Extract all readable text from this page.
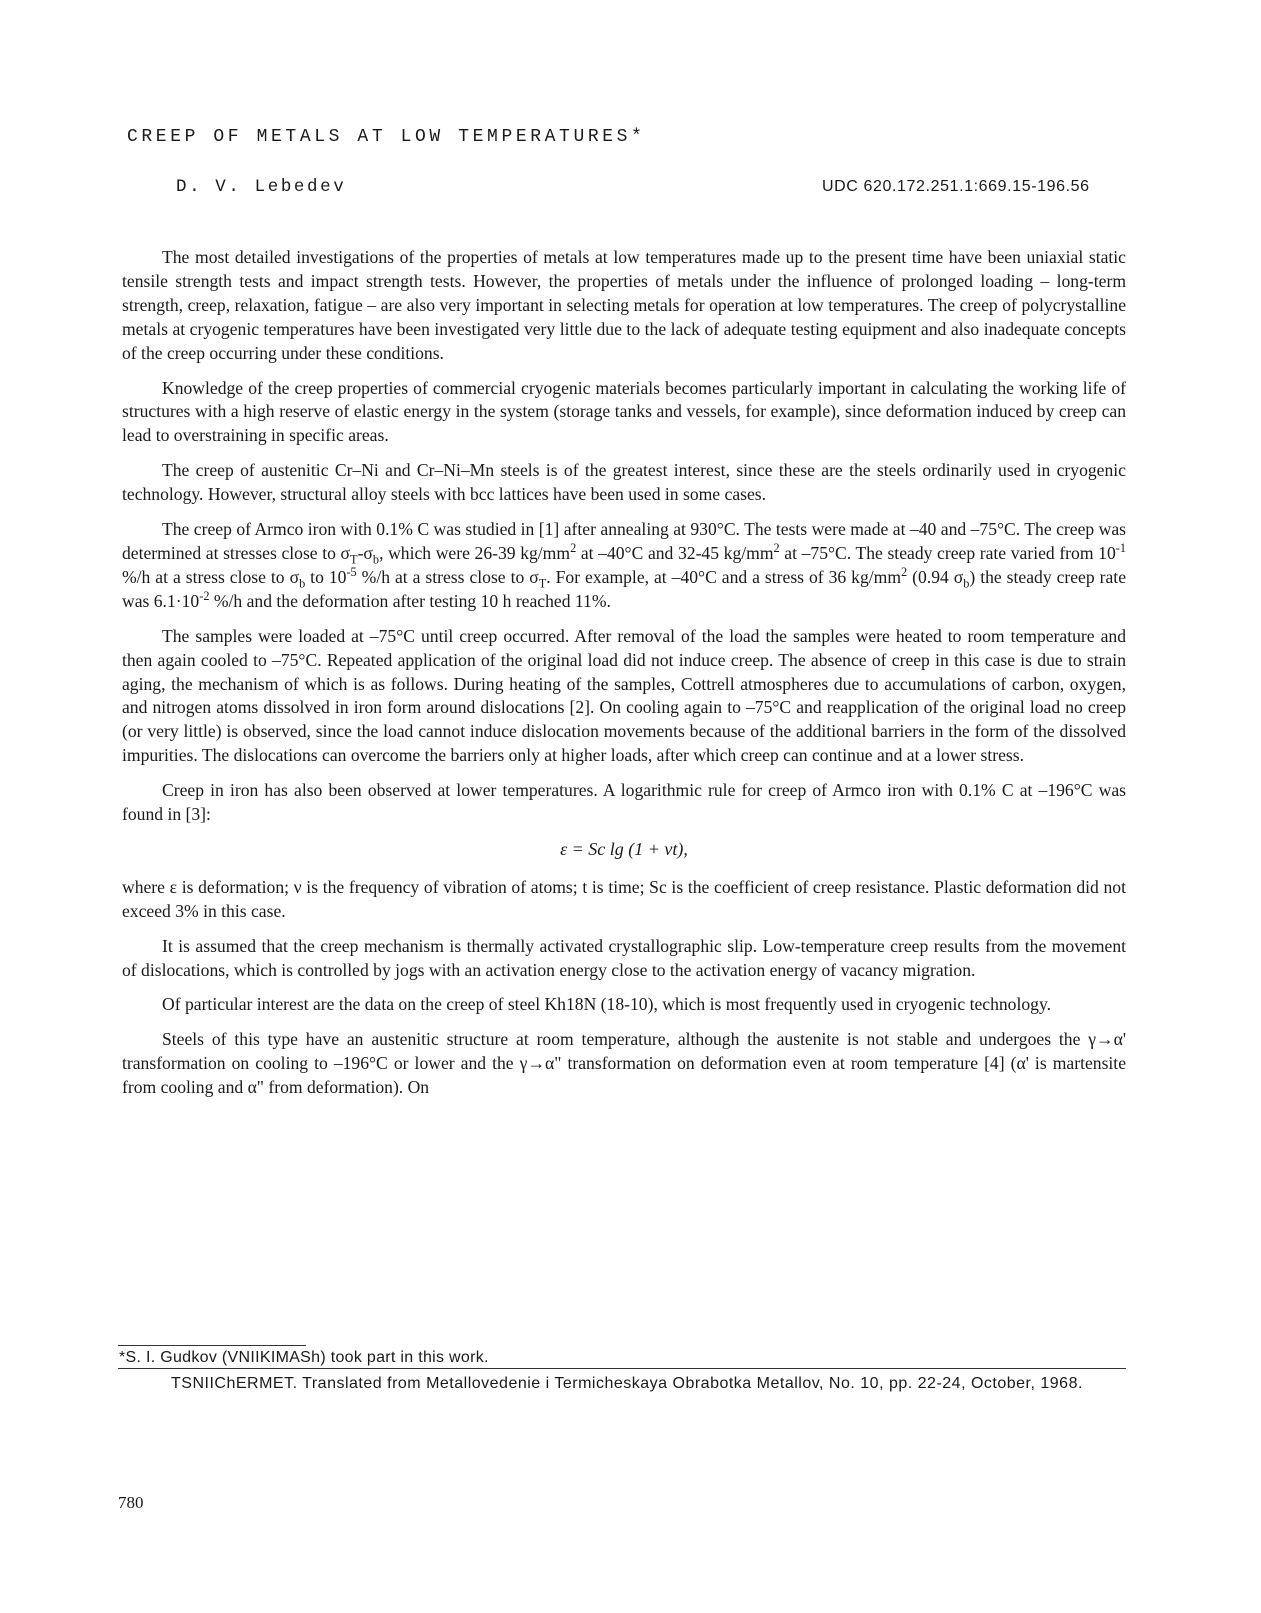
CREEP OF METALS AT LOW TEMPERATURES*
D. V. Lebedev	UDC 620.172.251.1:669.15-196.56

The most detailed investigations of the properties of metals at low temperatures made up to the present time have been uniaxial static tensile strength tests and impact strength tests. However, the properties of metals under the influence of prolonged loading – long-term strength, creep, relaxation, fatigue – are also very important in selecting metals for operation at low temperatures. The creep of polycrystalline metals at cryogenic temperatures have been investigated very little due to the lack of adequate testing equipment and also inadequate concepts of the creep occurring under these conditions.

Knowledge of the creep properties of commercial cryogenic materials becomes particularly important in calculating the working life of structures with a high reserve of elastic energy in the system (storage tanks and vessels, for example), since deformation induced by creep can lead to overstraining in specific areas.

The creep of austenitic Cr–Ni and Cr–Ni–Mn steels is of the greatest interest, since these are the steels ordinarily used in cryogenic technology. However, structural alloy steels with bcc lattices have been used in some cases.

The creep of Armco iron with 0.1% C was studied in [1] after annealing at 930°C. The tests were made at –40 and –75°C. The creep was determined at stresses close to $\sigma_T-\sigma_b$, which were 26-39 $kg/mm^2$ at –40°C and 32-45 $kg/mm^2$ at –75°C. The steady creep rate varied from $10^{-1}$ %/h at a stress close to $\sigma_b$ to $10^{-5}$ %/h at a stress close to $\sigma_T$. For example, at –40°C and a stress of 36 $kg/mm^2$ (0.94 $\sigma_b$) the steady creep rate was $6.1\cdot 10^{-2}$ %/h and the deformation after testing 10 h reached 11%.

The samples were loaded at –75°C until creep occurred. After removal of the load the samples were heated to room temperature and then again cooled to –75°C. Repeated application of the original load did not induce creep. The absence of creep in this case is due to strain aging, the mechanism of which is as follows. During heating of the samples, Cottrell atmospheres due to accumulations of carbon, oxygen, and nitrogen atoms dissolved in iron form around dislocations [2]. On cooling again to –75°C and reapplication of the original load no creep (or very little) is observed, since the load cannot induce dislocation movements because of the additional barriers in the form of the dissolved impurities. The dislocations can overcome the barriers only at higher loads, after which creep can continue and at a lower stress.

Creep in iron has also been observed at lower temperatures. A logarithmic rule for creep of Armco iron with 0.1% C at –196°C was found in [3]:

ε = Sc lg (1 + νt),

where ε is deformation; ν is the frequency of vibration of atoms; t is time; Sc is the coefficient of creep resistance. Plastic deformation did not exceed 3% in this case.

It is assumed that the creep mechanism is thermally activated crystallographic slip. Low-temperature creep results from the movement of dislocations, which is controlled by jogs with an activation energy close to the activation energy of vacancy migration.

Of particular interest are the data on the creep of steel Kh18N (18-10), which is most frequently used in cryogenic technology.

Steels of this type have an austenitic structure at room temperature, although the austenite is not stable and undergoes the γ→α' transformation on cooling to –196°C or lower and the γ→α" transformation on deformation even at room temperature [4] (α' is martensite from cooling and α" from deformation). On

*S. I. Gudkov (VNIIKIMASh) took part in this work.
TSNIIChERMET. Translated from Metallovedenie i Termicheskaya Obrabotka Metallov, No. 10, pp. 22-24, October, 1968.
780
